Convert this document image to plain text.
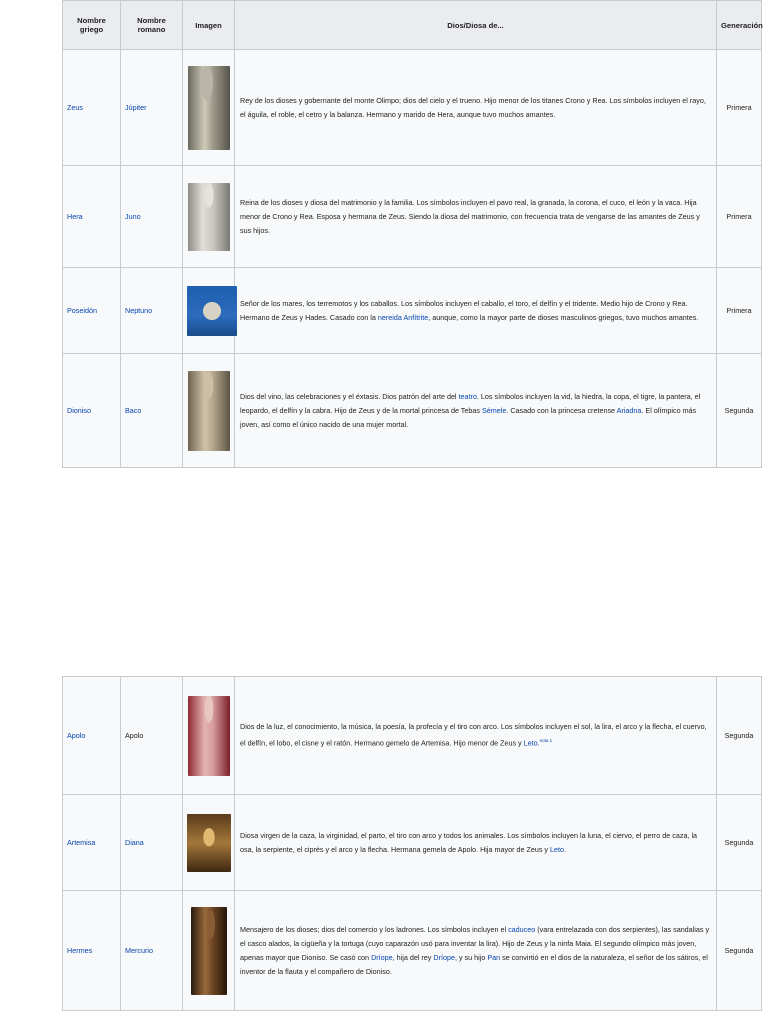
Nombre griego	Nombre romano	Imagen	Dios/Diosa de...	Generación
Zeus	Júpiter		Rey de los dioses y gobernante del monte Olimpo; dios del cielo y el trueno. Hijo menor de los titanes Crono y Rea. Los símbolos incluyen el rayo, el águila, el roble, el cetro y la balanza. Hermano y marido de Hera, aunque tuvo muchos amantes.	Primera
Hera	Juno		Reina de los dioses y diosa del matrimonio y la familia. Los símbolos incluyen el pavo real, la granada, la corona, el cuco, el león y la vaca. Hija menor de Crono y Rea. Esposa y hermana de Zeus. Siendo la diosa del matrimonio, con frecuencia trata de vengarse de las amantes de Zeus y sus hijos.	Primera
Poseidón	Neptuno		Señor de los mares, los terremotos y los caballos. Los símbolos incluyen el caballo, el toro, el delfín y el tridente. Medio hijo de Crono y Rea. Hermano de Zeus y Hades. Casado con la nereida Anfítrite, aunque, como la mayor parte de dioses masculinos griegos, tuvo muchos amantes.	Primera
Dioniso	Baco		Dios del vino, las celebraciones y el éxtasis. Dios patrón del arte del teatro. Los símbolos incluyen la vid, la hiedra, la copa, el tigre, la pantera, el leopardo, el delfín y la cabra. Hijo de Zeus y de la mortal princesa de Tebas Sémele. Casado con la princesa cretense Ariadna. El olímpico más joven, así como el único nacido de una mujer mortal.	Segunda
Apolo	Apolo		Dios de la luz, el conocimiento, la música, la poesía, la profecía y el tiro con arco. Los símbolos incluyen el sol, la lira, el arco y la flecha, el cuervo, el delfín, el lobo, el cisne y el ratón. Hermano gemelo de Artemisa. Hijo menor de Zeus y Leto.$^{nota 1}$	Segunda
Artemisa	Diana		Diosa virgen de la caza, la virginidad, el parto, el tiro con arco y todos los animales. Los símbolos incluyen la luna, el ciervo, el perro de caza, la osa, la serpiente, el ciprés y el arco y la flecha. Hermana gemela de Apolo. Hija mayor de Zeus y Leto.	Segunda
Hermes	Mercurio		Mensajero de los dioses; dios del comercio y los ladrones. Los símbolos incluyen el caduceo (vara entrelazada con dos serpientes), las sandalias y el casco alados, la cigüeña y la tortuga (cuyo caparazón usó para inventar la lira). Hijo de Zeus y la ninfa Maia. El segundo olímpico más joven, apenas mayor que Dioniso. Se casó con Dríope, hija del rey Dríope, y su hijo Pan se convirtió en el dios de la naturaleza, el señor de los sátiros, el inventor de la flauta y el compañero de Dioniso.	Segunda
